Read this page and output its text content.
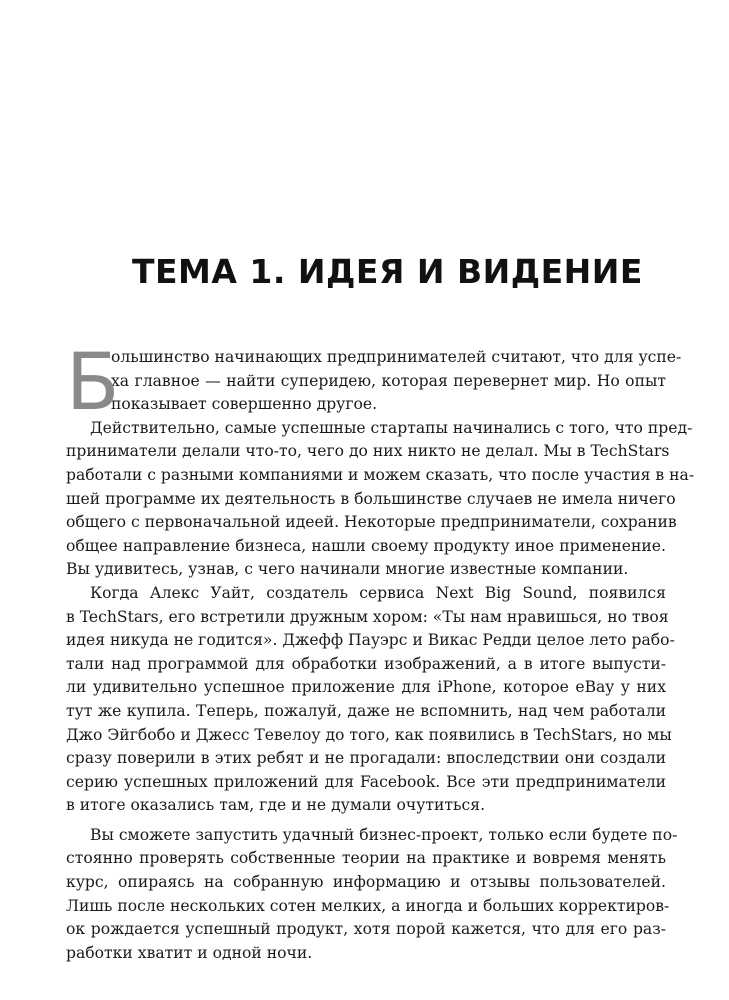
ТЕМА 1. ИДЕЯ И ВИДЕНИЕ
Б
ольшинство начинающих предпринимателей считают, что для успе-
ха главное — найти суперидею, которая перевернет мир. Но опыт
показывает совершенно другое.
Действительно, самые успешные стартапы начинались с того, что пред-
приниматели делали что-то, чего до них никто не делал. Мы в TechStars
работали с разными компаниями и можем сказать, что после участия в на-
шей программе их деятельность в большинстве случаев не имела ничего
общего с первоначальной идеей. Некоторые предприниматели, сохранив
общее направление бизнеса, нашли своему продукту иное применение.
Вы удивитесь, узнав, с чего начинали многие известные компании.
Когда Алекс Уайт, создатель сервиса Next Big Sound, появился
в TechStars, его встретили дружным хором: «Ты нам нравишься, но твоя
идея никуда не годится». Джефф Пауэрс и Викас Редди целое лето рабо-
тали над программой для обработки изображений, а в итоге выпусти-
ли удивительно успешное приложение для iPhone, которое eBay у них
тут же купила. Теперь, пожалуй, даже не вспомнить, над чем работали
Джо Эйгбобо и Джесс Тевелоу до того, как появились в TechStars, но мы
сразу поверили в этих ребят и не прогадали: впоследствии они создали
серию успешных приложений для Facebook. Все эти предприниматели
в итоге оказались там, где и не думали очутиться.
Вы сможете запустить удачный бизнес-проект, только если будете по-
стоянно проверять собственные теории на практике и вовремя менять
курс, опираясь на собранную информацию и отзывы пользователей.
Лишь после нескольких сотен мелких, а иногда и больших корректиров-
ок рождается успешный продукт, хотя порой кажется, что для его раз-
работки хватит и одной ночи.
